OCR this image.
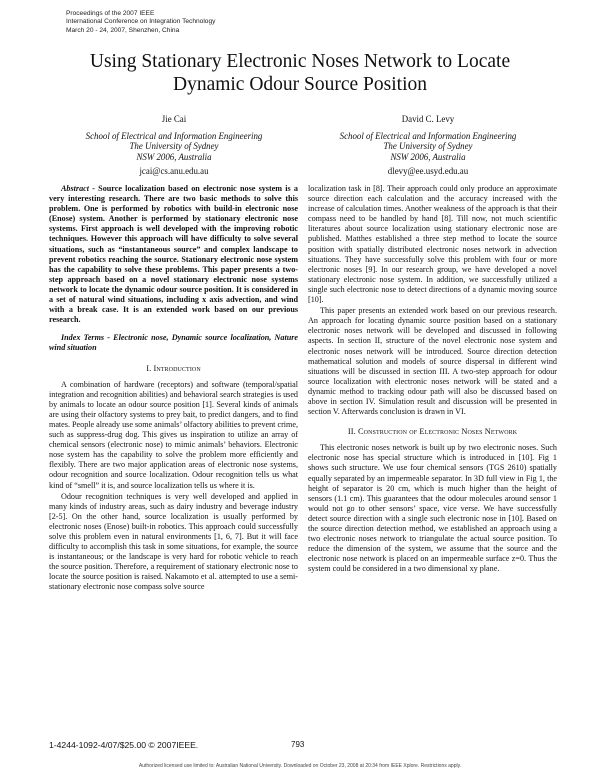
Proceedings of the 2007 IEEE
International Conference on Integration Technology
March 20 - 24, 2007, Shenzhen, China
Using Stationary Electronic Noses Network to Locate
Dynamic Odour Source Position
Jie Cai
School of Electrical and Information Engineering
The University of Sydney
NSW 2006, Australia
jcai@cs.anu.edu.au
David C. Levy
School of Electrical and Information Engineering
The University of Sydney
NSW 2006, Australia
dlevy@ee.usyd.edu.au

Abstract - Source localization based on electronic nose system is a very interesting research. There are two basic methods to solve this problem. One is performed by robotics with build-in electronic nose (Enose) system. Another is performed by stationary electronic nose systems. First approach is well developed with the improving robotic techniques. However this approach will have difficulty to solve several situations, such as “instantaneous source” and complex landscape to prevent robotics reaching the source. Stationary electronic nose system has the capability to solve these problems. This paper presents a two-step approach based on a novel stationary electronic nose systems network to locate the dynamic odour source position. It is considered in a set of natural wind situations, including x axis advection, and wind with a break case. It is an extended work based on our previous research.

Index Terms - Electronic nose, Dynamic source localization, Nature wind situation

I. Introduction

A combination of hardware (receptors) and software (temporal/spatial integration and recognition abilities) and behavioral search strategies is used by animals to locate an odour source position [1]. Several kinds of animals are using their olfactory systems to prey bait, to predict dangers, and to find mates. People already use some animals’ olfactory abilities to prevent crime, such as suppress-drug dog. This gives us inspiration to utilize an array of chemical sensors (electronic nose) to mimic animals’ behaviors. Electronic nose system has the capability to solve the problem more efficiently and flexibly. There are two major application areas of electronic nose systems, odour recognition and source localization. Odour recognition tells us what kind of “smell” it is, and source localization tells us where it is.

Odour recognition techniques is very well developed and applied in many kinds of industry areas, such as dairy industry and beverage industry [2-5]. On the other hand, source localization is usually performed by electronic noses (Enose) built-in robotics. This approach could successfully solve this problem even in natural environments [1, 6, 7]. But it will face difficulty to accomplish this task in some situations, for example, the source is instantaneous; or the landscape is very hard for robotic vehicle to reach the source position. Therefore, a requirement of stationary electronic nose to locate the source position is raised. Nakamoto et al. attempted to use a semi-stationary electronic nose compass solve source

localization task in [8]. Their approach could only produce an approximate source direction each calculation and the accuracy increased with the increase of calculation times. Another weakness of the approach is that their compass need to be handled by hand [8]. Till now, not much scientific literatures about source localization using stationary electronic nose are published. Matthes established a three step method to locate the source position with spatially distributed electronic noses network in advection situations. They have successfully solve this problem with four or more electronic noses [9]. In our research group, we have developed a novel stationary electronic nose system. In addition, we successfully utilized a single such electronic nose to detect directions of a dynamic moving source [10].

This paper presents an extended work based on our previous research. An approach for locating dynamic source position based on a stationary electronic noses network will be developed and discussed in following aspects. In section II, structure of the novel electronic nose system and electronic noses network will be introduced. Source direction detection mathematical solution and models of source dispersal in different wind situations will be discussed in section III. A two-step approach for odour source localization with electronic noses network will be stated and a dynamic method to tracking odour path will also be discussed based on above in section IV. Simulation result and discussion will be presented in section V. Afterwards conclusion is drawn in VI.

II. Construction of Electronic Noses Network

This electronic noses network is built up by two electronic noses. Such electronic nose has special structure which is introduced in [10]. Fig 1 shows such structure. We use four chemical sensors (TGS 2610) spatially equally separated by an impermeable separator. In 3D full view in Fig 1, the height of separator is 20 cm, which is much higher than the height of sensors (1.1 cm). This guarantees that the odour molecules around sensor 1 would not go to other sensors’ space, vice verse. We have successfully detect source direction with a single such electronic nose in [10]. Based on the source direction detection method, we established an approach using a two electronic noses network to triangulate the actual source position. To reduce the dimension of the system, we assume that the source and the electronic nose network is placed on an impermeable surface z=0. Thus the system could be considered in a two dimensional xy plane.

1-4244-1092-4/07/$25.00 © 2007IEEE.	793
Authorized licensed use limited to: Australian National University. Downloaded on October 23, 2008 at 20:34 from IEEE Xplore. Restrictions apply.
